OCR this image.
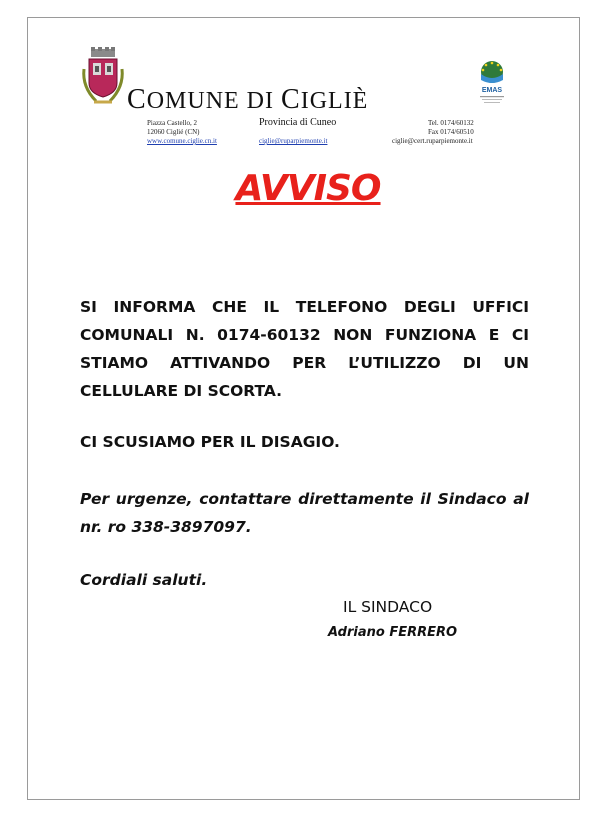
COMUNE DI CIGLIÈ	EMAS
Piazza Castello, 2
12060 Ciglié (CN)
www.comune.ciglie.cn.it
Provincia di Cuneo
ciglie@ruparpiemonte.it
Tel. 0174/60132
Fax 0174/60510
ciglie@cert.ruparpiemonte.it
AVVISO
SI INFORMA CHE IL TELEFONO DEGLI UFFICI COMUNALI N. 0174-60132 NON FUNZIONA E CI STIAMO ATTIVANDO PER L’UTILIZZO DI UN CELLULARE DI SCORTA.
CI SCUSIAMO PER IL DISAGIO.
Per urgenze, contattare direttamente il Sindaco al nr. ro 338-3897097.
Cordiali saluti.
IL SINDACO
Adriano FERRERO
